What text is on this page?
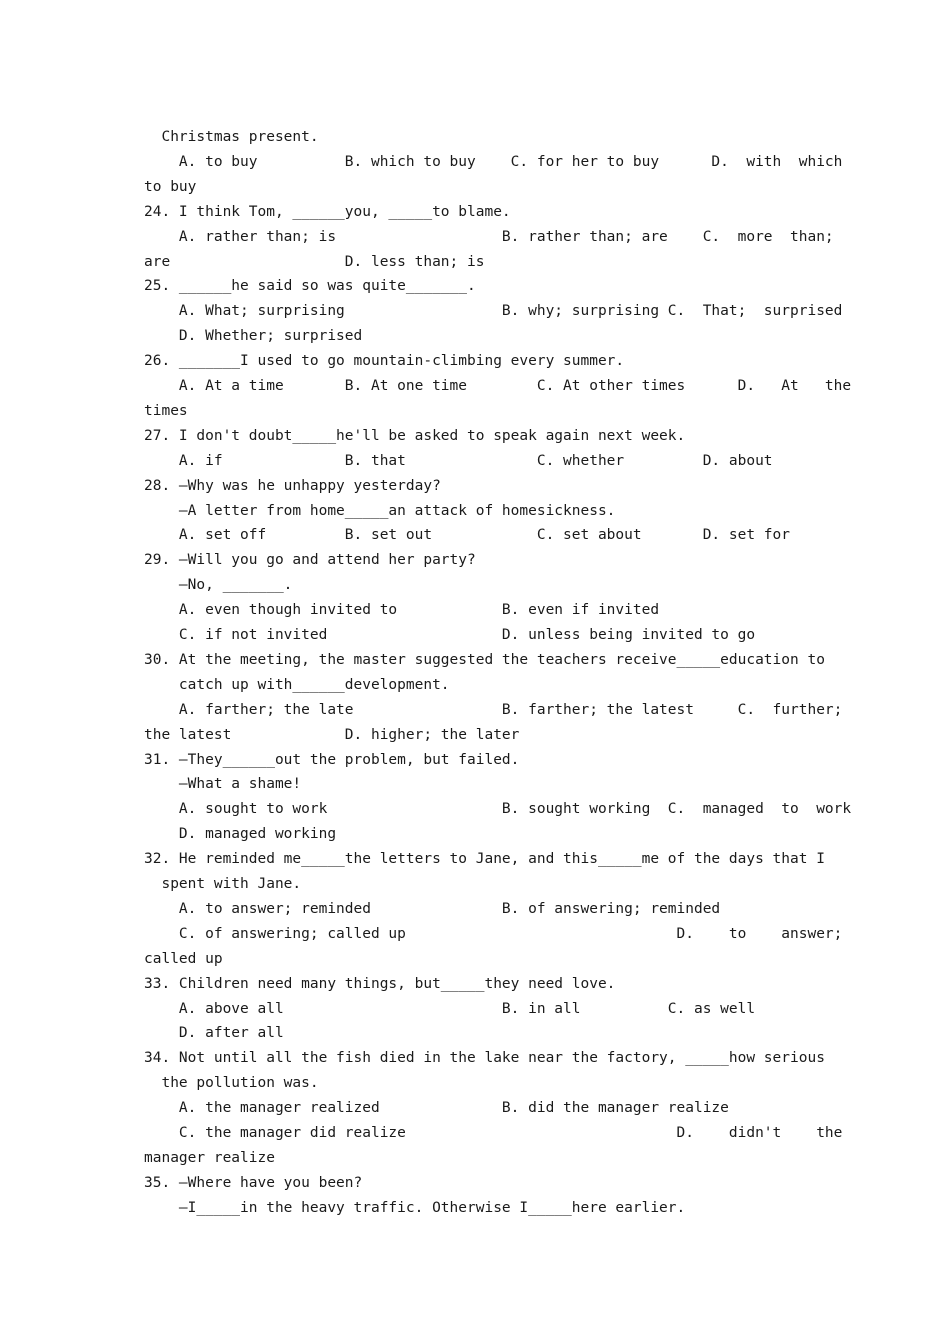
Christmas present.
A. to buy          B. which to buy    C. for her to buy      D.  with  which
to buy
24. I think Tom, ______you, _____to blame.
A. rather than; is                   B. rather than; are    C.  more  than;
are                    D. less than; is
25. ______he said so was quite_______.
A. What; surprising                  B. why; surprising C.  That;  surprised
D. Whether; surprised
26. _______I used to go mountain-climbing every summer.
A. At a time       B. At one time        C. At other times      D.   At   the
times
27. I don't doubt_____he'll be asked to speak again next week.
A. if              B. that               C. whether         D. about
28. —Why was he unhappy yesterday?
—A letter from home_____an attack of homesickness.
A. set off         B. set out            C. set about       D. set for
29. —Will you go and attend her party?
—No, _______.
A. even though invited to            B. even if invited
C. if not invited                    D. unless being invited to go
30. At the meeting, the master suggested the teachers receive_____education to
catch up with______development.
A. farther; the late                 B. farther; the latest     C.  further;
the latest             D. higher; the later
31. —They______out the problem, but failed.
—What a shame!
A. sought to work                    B. sought working  C.  managed  to  work
D. managed working
32. He reminded me_____the letters to Jane, and this_____me of the days that I
spent with Jane.
A. to answer; reminded               B. of answering; reminded
C. of answering; called up                               D.    to    answer;
called up
33. Children need many things, but_____they need love.
A. above all                         B. in all          C. as well
D. after all
34. Not until all the fish died in the lake near the factory, _____how serious
the pollution was.
A. the manager realized              B. did the manager realize
C. the manager did realize                               D.    didn't    the
manager realize
35. —Where have you been?
—I_____in the heavy traffic. Otherwise I_____here earlier.
